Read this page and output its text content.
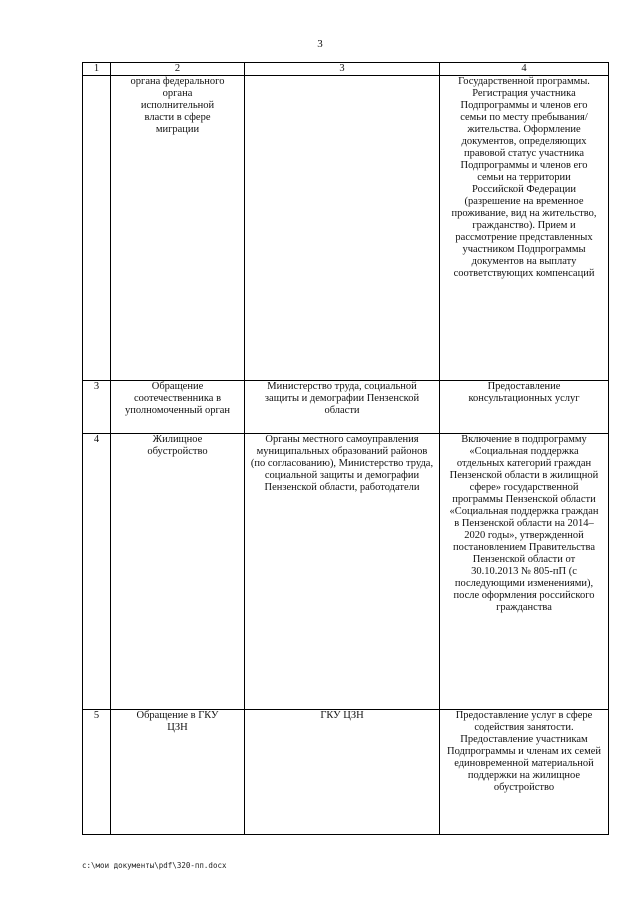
3
1	2	3	4

	органа федерального органа исполнительной власти в сфере миграции		Государственной программы. Регистрация участника Подпрограммы и членов его семьи по месту пребывания/ жительства. Оформление документов, определяющих правовой статус участника Подпрограммы и членов его семьи на территории Российской Федерации (разрешение на временное проживание, вид на жительство, гражданство). Прием и рассмотрение представленных участником Подпрограммы документов на выплату соответствующих компенсаций

3	Обращение соотечественника в уполномоченный орган	Министерство труда, социальной защиты и демографии Пензенской области	Предоставление консультационных услуг

4	Жилищное обустройство	Органы местного самоуправления муниципальных образований районов (по согласованию), Министерство труда, социальной защиты и демографии Пензенской области, работодатели	Включение в подпрограмму «Социальная поддержка отдельных категорий граждан Пензенской области в жилищной сфере» государственной программы Пензенской области «Социальная поддержка граждан в Пензенской области на 2014–2020 годы», утвержденной постановлением Правительства Пензенской области от 30.10.2013 № 805-пП (с последующими изменениями), после оформления российского гражданства

5	Обращение в ГКУ ЦЗН	ГКУ ЦЗН	Предоставление услуг в сфере содействия занятости. Предоставление участникам Подпрограммы и членам их семей единовременной материальной поддержки на жилищное обустройство
c:\мои документы\pdf\320-пп.docx
